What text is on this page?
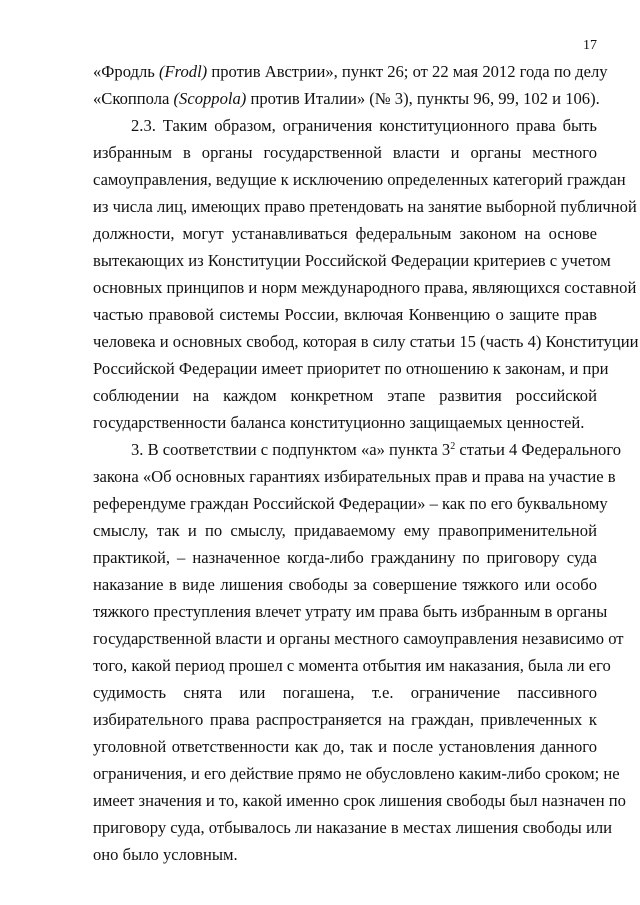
17
«Фродль (Frodl) против Австрии», пункт 26; от 22 мая 2012 года по делу
«Скоппола (Scoppola) против Италии» (№ 3), пункты 96, 99, 102 и 106).
2.3. Таким образом, ограничения конституционного права быть
избранным в органы государственной власти и органы местного
самоуправления, ведущие к исключению определенных категорий граждан
из числа лиц, имеющих право претендовать на занятие выборной публичной
должности, могут устанавливаться федеральным законом на основе
вытекающих из Конституции Российской Федерации критериев с учетом
основных принципов и норм международного права, являющихся составной
частью правовой системы России, включая Конвенцию о защите прав
человека и основных свобод, которая в силу статьи 15 (часть 4) Конституции
Российской Федерации имеет приоритет по отношению к законам, и при
соблюдении на каждом конкретном этапе развития российской
государственности баланса конституционно защищаемых ценностей.
3. В соответствии с подпунктом «а» пункта $3^2$ статьи 4 Федерального
закона «Об основных гарантиях избирательных прав и права на участие в
референдуме граждан Российской Федерации» – как по его буквальному
смыслу, так и по смыслу, придаваемому ему правоприменительной
практикой, – назначенное когда-либо гражданину по приговору суда
наказание в виде лишения свободы за совершение тяжкого или особо
тяжкого преступления влечет утрату им права быть избранным в органы
государственной власти и органы местного самоуправления независимо от
того, какой период прошел с момента отбытия им наказания, была ли его
судимость снята или погашена, т.е. ограничение пассивного
избирательного права распространяется на граждан, привлеченных к
уголовной ответственности как до, так и после установления данного
ограничения, и его действие прямо не обусловлено каким-либо сроком; не
имеет значения и то, какой именно срок лишения свободы был назначен по
приговору суда, отбывалось ли наказание в местах лишения свободы или
оно было условным.
